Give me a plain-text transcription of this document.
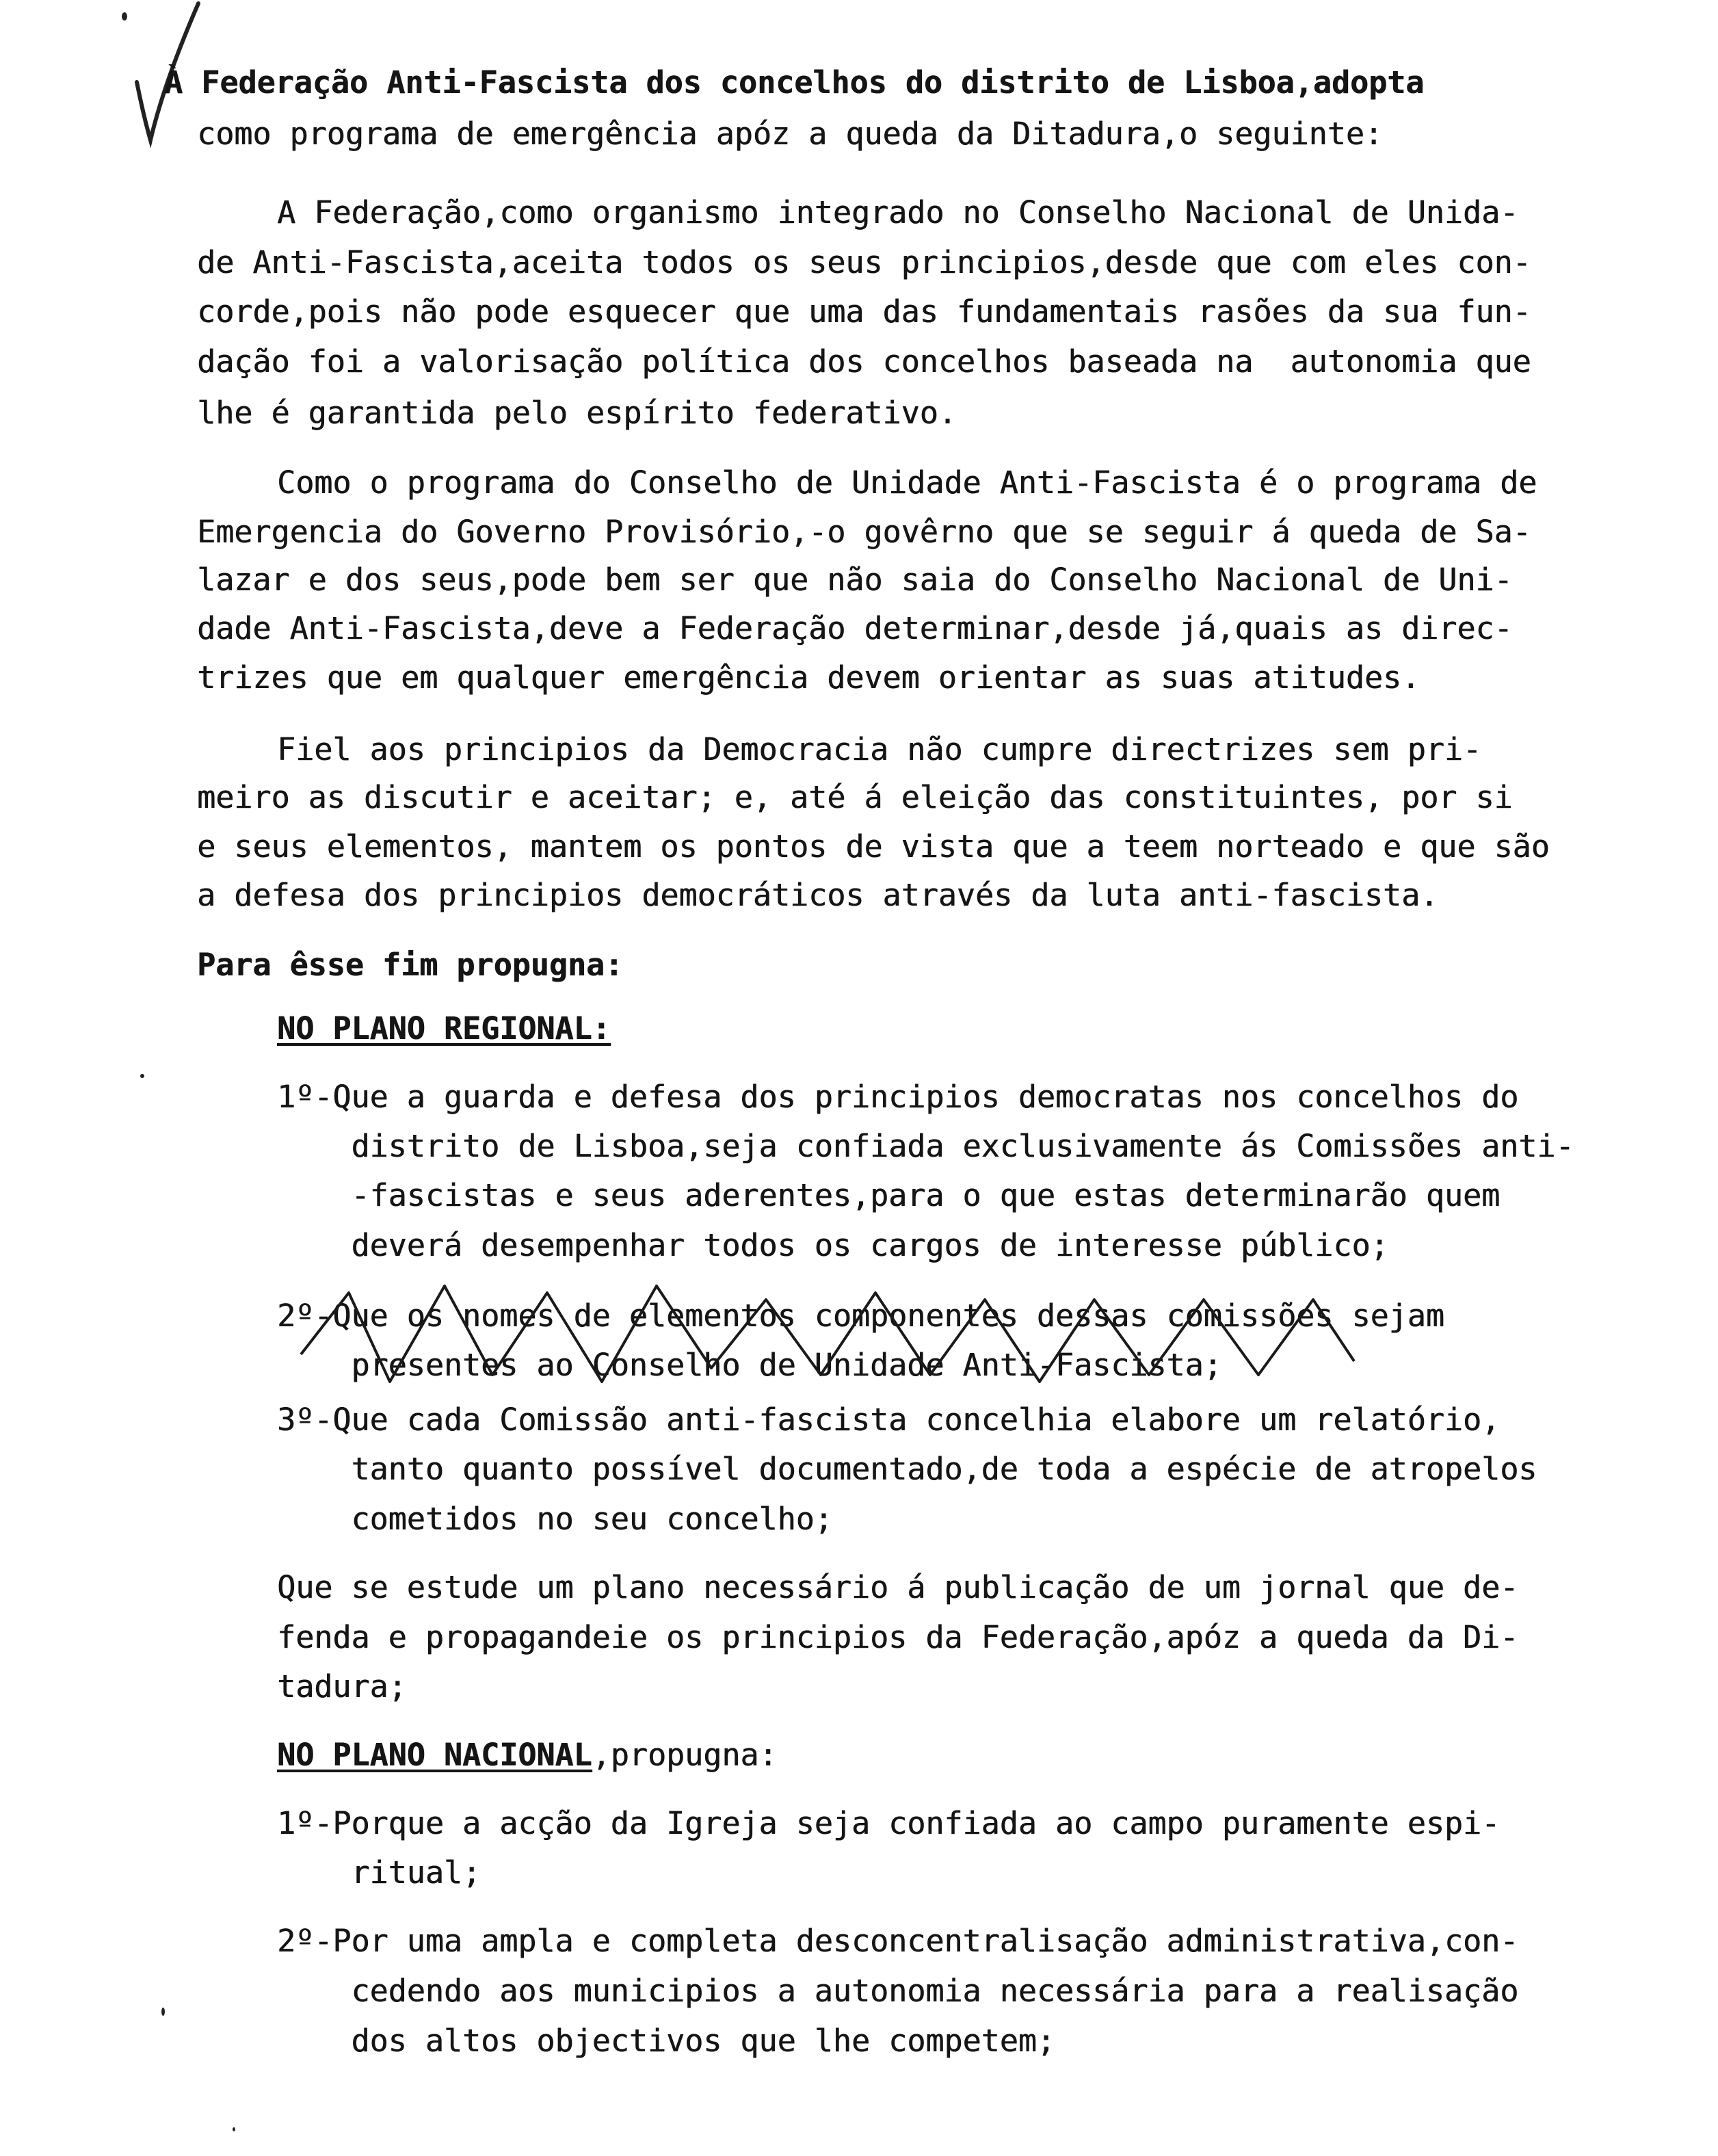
À Federação Anti-Fascista dos concelhos do distrito de Lisboa,adopta
como programa de emergência apóz a queda da Ditadura,o seguinte:
A Federação,como organismo integrado no Conselho Nacional de Unida-
de Anti-Fascista,aceita todos os seus principios,desde que com eles con-
corde,pois não pode esquecer que uma das fundamentais rasões da sua fun-
dação foi a valorisação política dos concelhos baseada na  autonomia que
lhe é garantida pelo espírito federativo.
Como o programa do Conselho de Unidade Anti-Fascista é o programa de
Emergencia do Governo Provisório,-o govêrno que se seguir á queda de Sa-
lazar e dos seus,pode bem ser que não saia do Conselho Nacional de Uni-
dade Anti-Fascista,deve a Federação determinar,desde já,quais as direc-
trizes que em qualquer emergência devem orientar as suas atitudes.
Fiel aos principios da Democracia não cumpre directrizes sem pri-
meiro as discutir e aceitar; e, até á eleição das constituintes, por si
e seus elementos, mantem os pontos de vista que a teem norteado e que são
a defesa dos principios democráticos através da luta anti-fascista.
Para êsse fim propugna:
NO PLANO REGIONAL:
1º-Que a guarda e defesa dos principios democratas nos concelhos do
distrito de Lisboa,seja confiada exclusivamente ás Comissões anti-
-fascistas e seus aderentes,para o que estas determinarão quem
deverá desempenhar todos os cargos de interesse público;
2º-Que os nomes de elementos componentes dessas comissões sejam
presentes ao Conselho de Unidade Anti-Fascista;
3º-Que cada Comissão anti-fascista concelhia elabore um relatório,
tanto quanto possível documentado,de toda a espécie de atropelos
cometidos no seu concelho;
Que se estude um plano necessário á publicação de um jornal que de-
fenda e propagandeie os principios da Federação,apóz a queda da Di-
tadura;
NO PLANO NACIONAL,propugna:
1º-Porque a acção da Igreja seja confiada ao campo puramente espi-
ritual;
2º-Por uma ampla e completa desconcentralisação administrativa,con-
cedendo aos municipios a autonomia necessária para a realisação
dos altos objectivos que lhe competem;
